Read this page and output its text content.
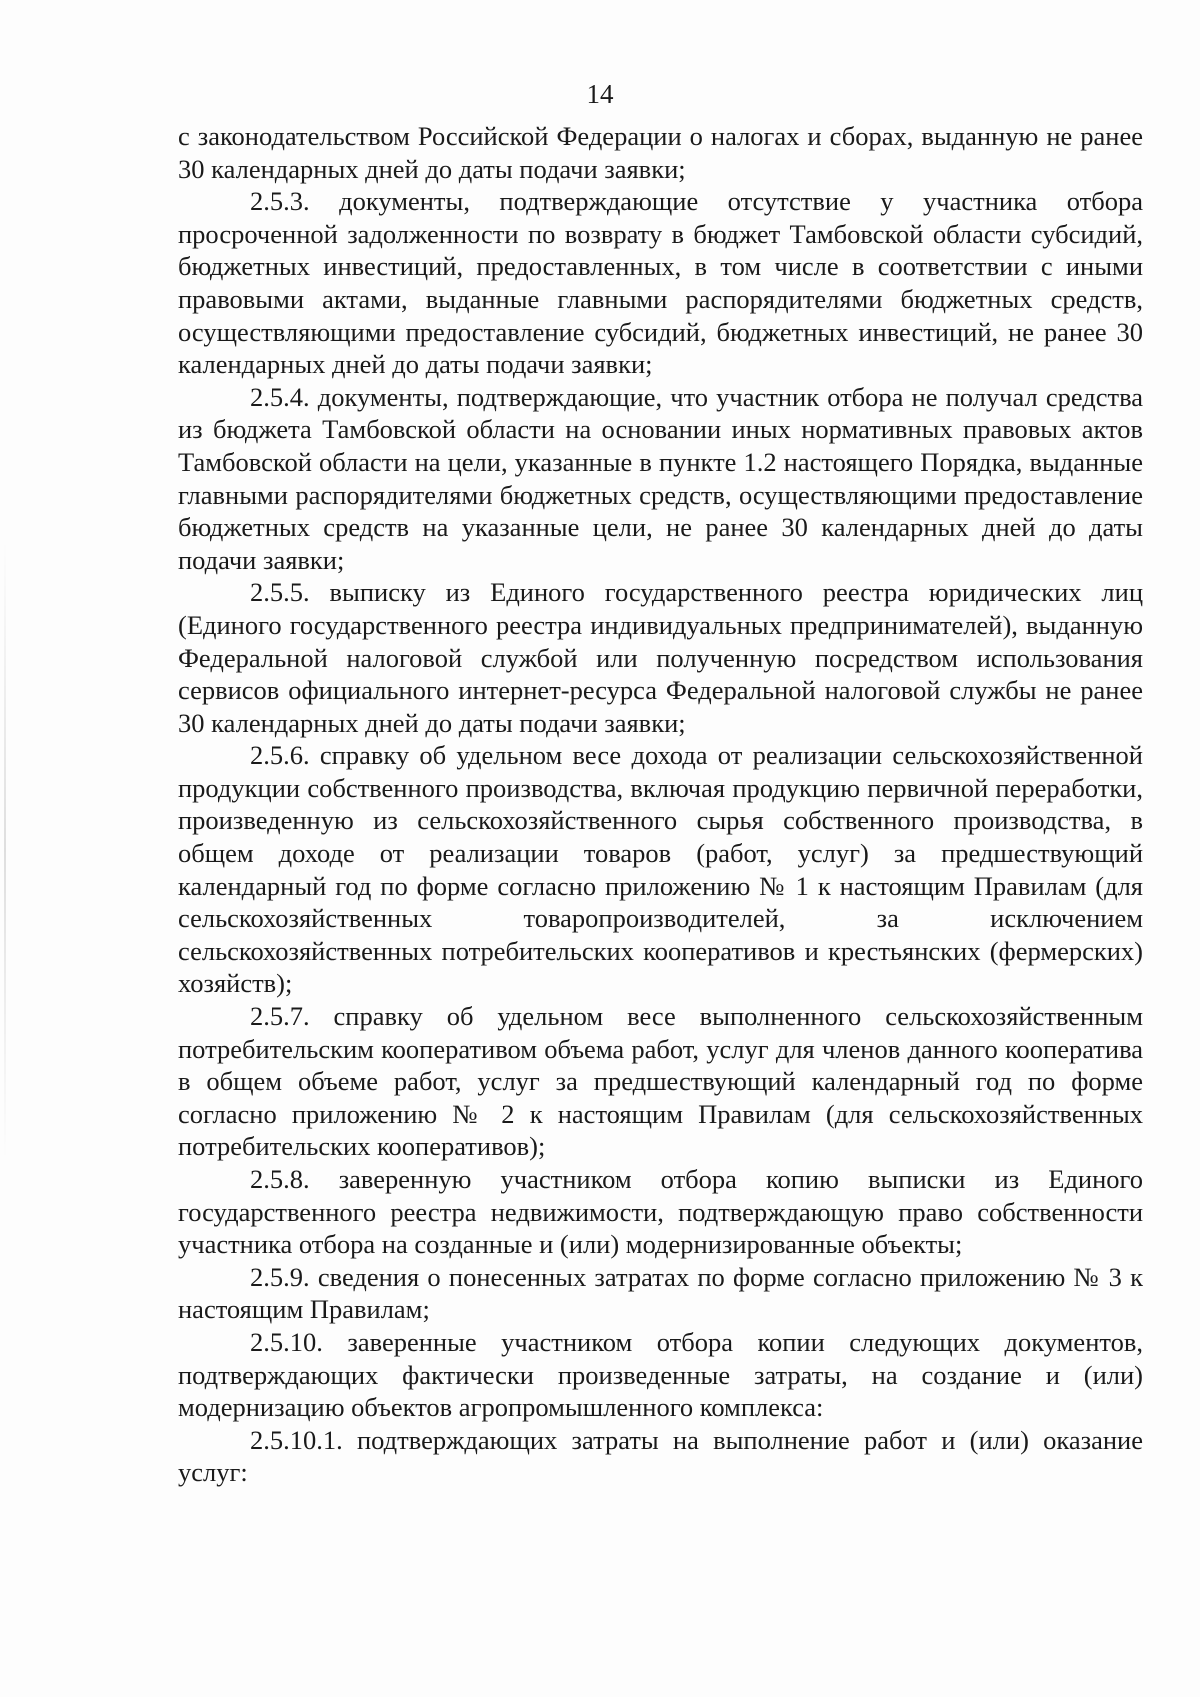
14

с законодательством Российской Федерации о налогах и сборах, выданную не ранее 30 календарных дней до даты подачи заявки;

2.5.3. документы, подтверждающие отсутствие у участника отбора просроченной задолженности по возврату в бюджет Тамбовской области субсидий, бюджетных инвестиций, предоставленных, в том числе в соответствии с иными правовыми актами, выданные главными распорядителями бюджетных средств, осуществляющими предоставление субсидий, бюджетных инвестиций, не ранее 30 календарных дней до даты подачи заявки;

2.5.4. документы, подтверждающие, что участник отбора не получал средства из бюджета Тамбовской области на основании иных нормативных правовых актов Тамбовской области на цели, указанные в пункте 1.2 настоящего Порядка, выданные главными распорядителями бюджетных средств, осуществляющими предоставление бюджетных средств на указанные цели, не ранее 30 календарных дней до даты подачи заявки;

2.5.5. выписку из Единого государственного реестра юридических лиц (Единого государственного реестра индивидуальных предпринимателей), выданную Федеральной налоговой службой или полученную посредством использования сервисов официального интернет-ресурса Федеральной налоговой службы не ранее 30 календарных дней до даты подачи заявки;

2.5.6. справку об удельном весе дохода от реализации сельскохозяйственной продукции собственного производства, включая продукцию первичной переработки, произведенную из сельскохозяйственного сырья собственного производства, в общем доходе от реализации товаров (работ, услуг) за предшествующий календарный год по форме согласно приложению № 1 к настоящим Правилам (для сельскохозяйственных товаропроизводителей, за исключением сельскохозяйственных потребительских кооперативов и крестьянских (фермерских) хозяйств);

2.5.7. справку об удельном весе выполненного сельскохозяйственным потребительским кооперативом объема работ, услуг для членов данного кооператива в общем объеме работ, услуг за предшествующий календарный год по форме согласно приложению № 2 к настоящим Правилам (для сельскохозяйственных потребительских кооперативов);

2.5.8. заверенную участником отбора копию выписки из Единого государственного реестра недвижимости, подтверждающую право собственности участника отбора на созданные и (или) модернизированные объекты;

2.5.9. сведения о понесенных затратах по форме согласно приложению № 3 к настоящим Правилам;

2.5.10. заверенные участником отбора копии следующих документов, подтверждающих фактически произведенные затраты, на создание и (или) модернизацию объектов агропромышленного комплекса:

2.5.10.1. подтверждающих затраты на выполнение работ и (или) оказание услуг:
